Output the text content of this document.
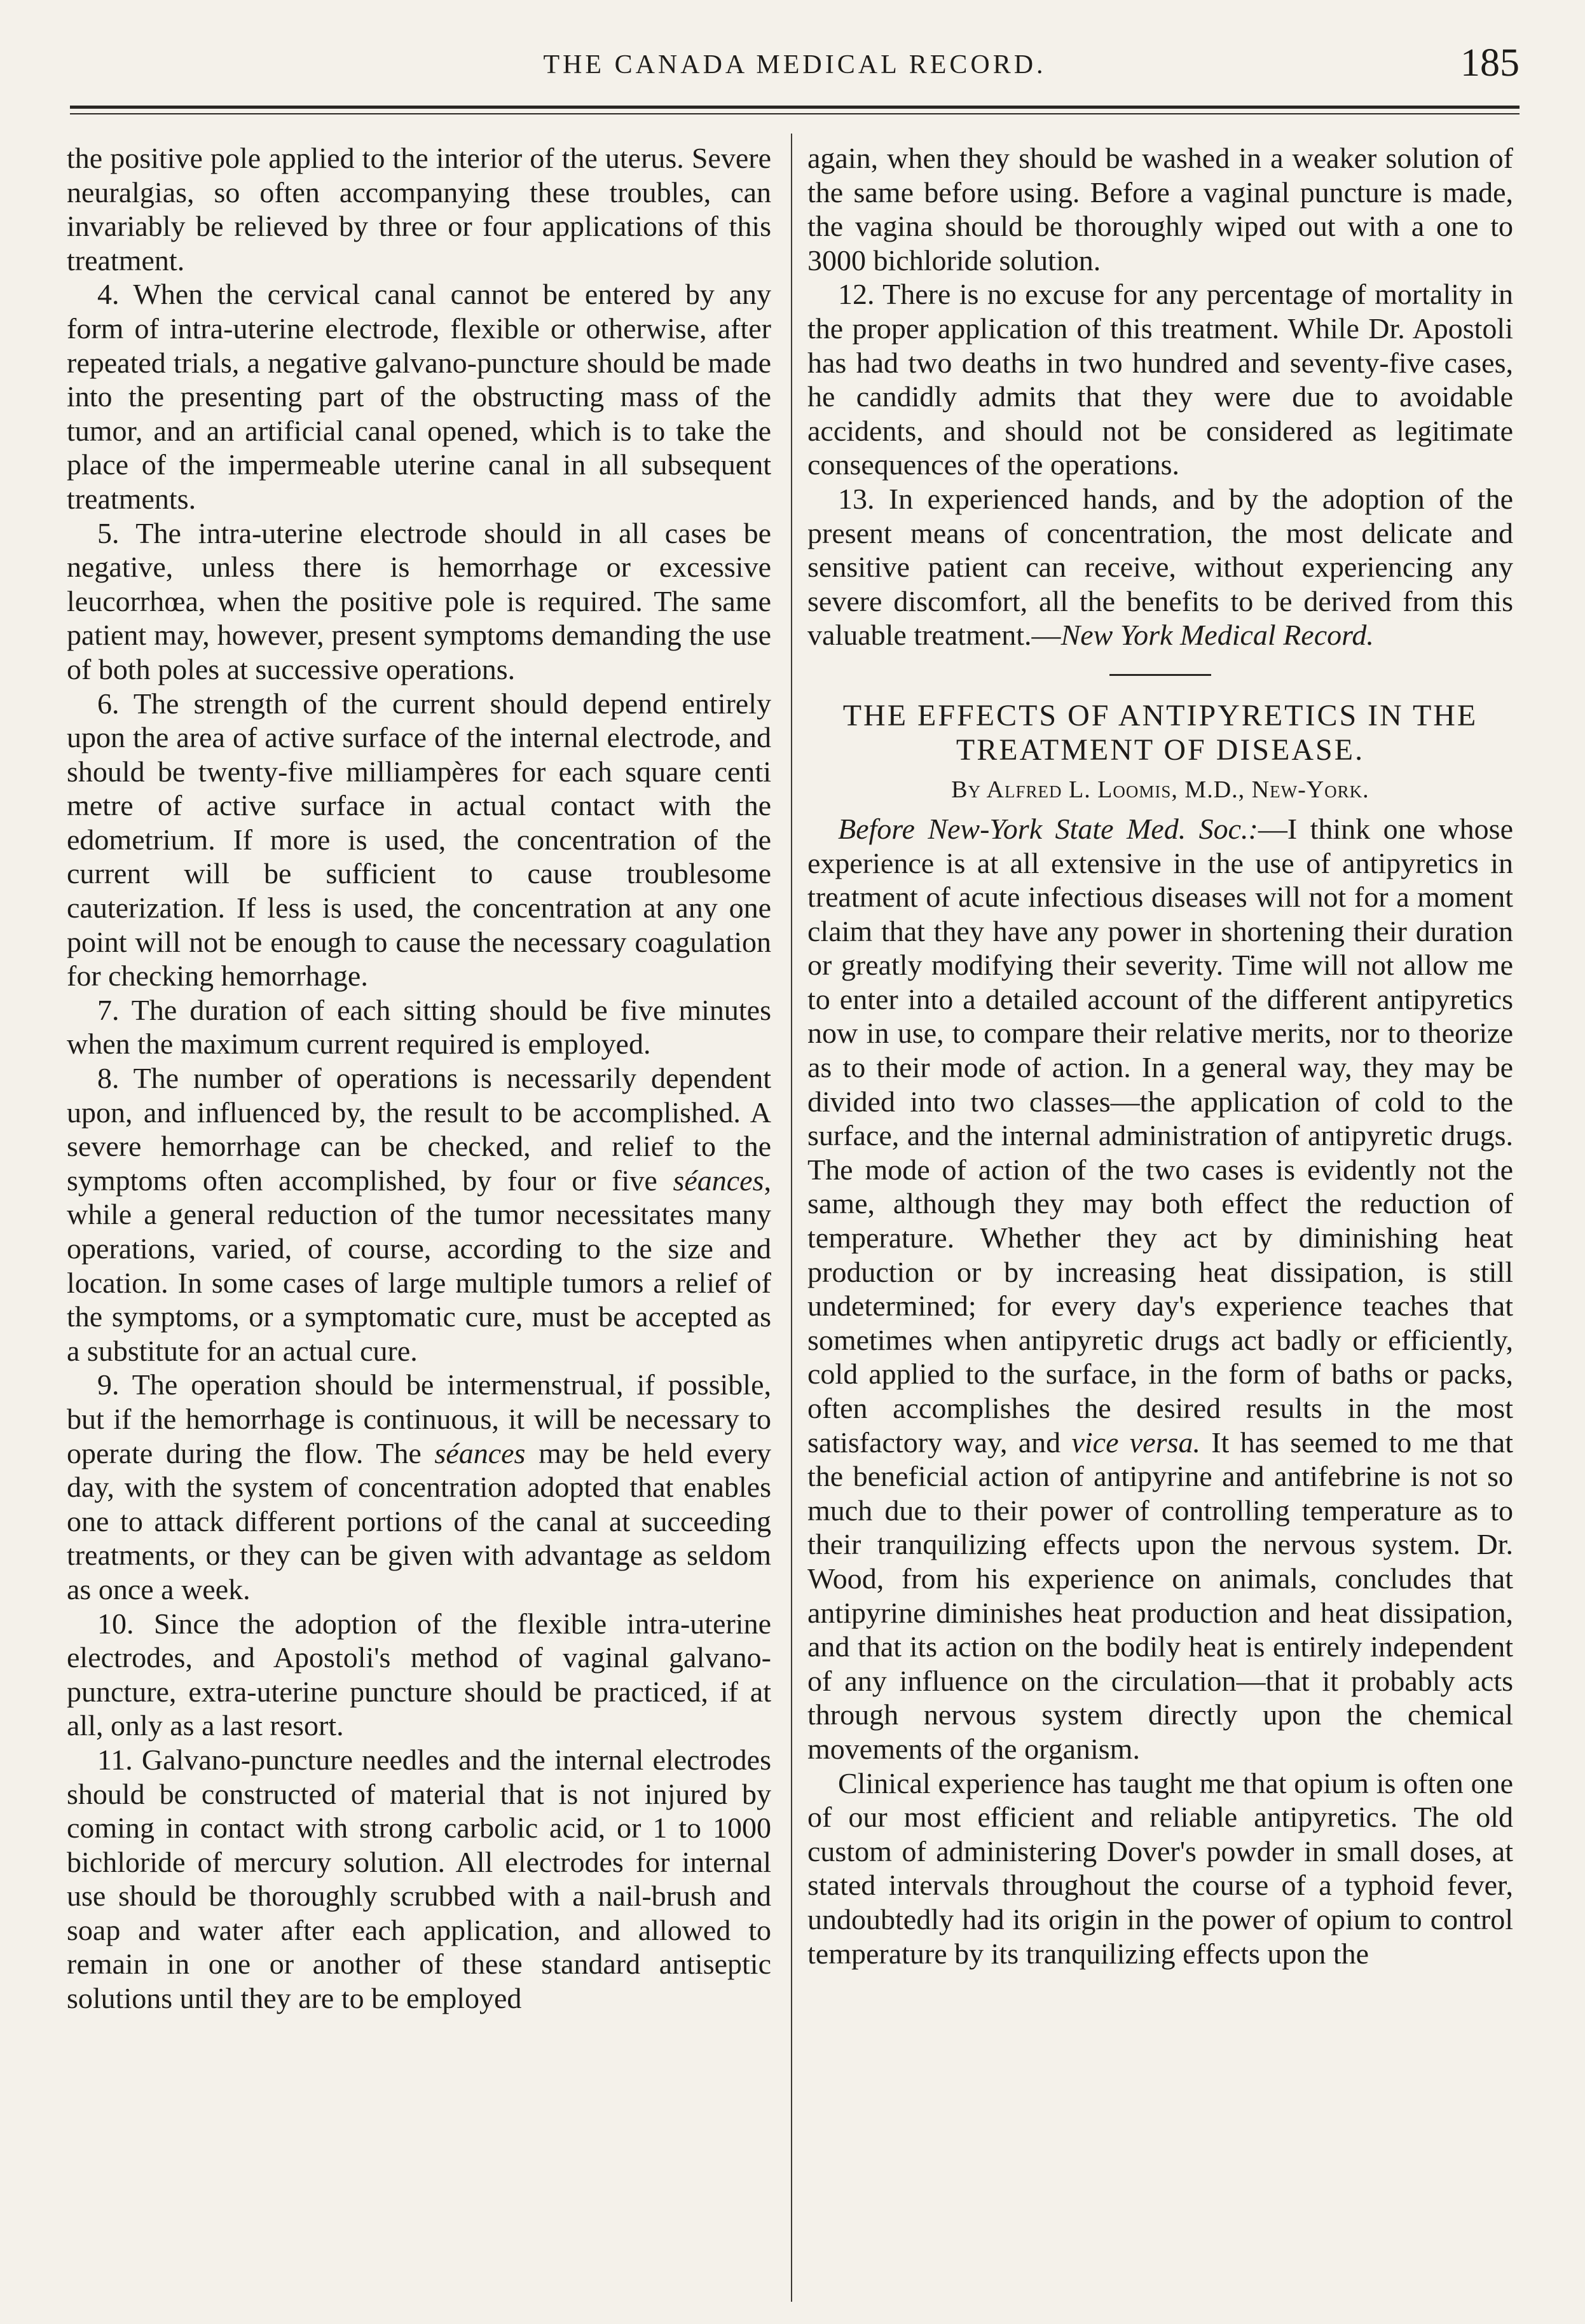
THE CANADA MEDICAL RECORD.	185

the positive pole applied to the interior of the uterus. Severe neuralgias, so often accompanying these troubles, can invariably be relieved by three or four applications of this treatment.

4. When the cervical canal cannot be entered by any form of intra-uterine electrode, flexible or otherwise, after repeated trials, a negative galvano-puncture should be made into the presenting part of the obstructing mass of the tumor, and an artificial canal opened, which is to take the place of the impermeable uterine canal in all subsequent treatments.

5. The intra-uterine electrode should in all cases be negative, unless there is hemorrhage or excessive leucorrhœa, when the positive pole is required. The same patient may, however, present symptoms demanding the use of both poles at successive operations.

6. The strength of the current should depend entirely upon the area of active surface of the internal electrode, and should be twenty-five milliampères for each square centi metre of active surface in actual contact with the edometrium. If more is used, the concentration of the current will be sufficient to cause troublesome cauterization. If less is used, the concentration at any one point will not be enough to cause the necessary coagulation for checking hemorrhage.

7. The duration of each sitting should be five minutes when the maximum current required is employed.

8. The number of operations is necessarily dependent upon, and influenced by, the result to be accomplished. A severe hemorrhage can be checked, and relief to the symptoms often accomplished, by four or five séances, while a general reduction of the tumor necessitates many operations, varied, of course, according to the size and location. In some cases of large multiple tumors a relief of the symptoms, or a symptomatic cure, must be accepted as a substitute for an actual cure.

9. The operation should be intermenstrual, if possible, but if the hemorrhage is continuous, it will be necessary to operate during the flow. The séances may be held every day, with the system of concentration adopted that enables one to attack different portions of the canal at succeeding treatments, or they can be given with advantage as seldom as once a week.

10. Since the adoption of the flexible intra-uterine electrodes, and Apostoli's method of vaginal galvano-puncture, extra-uterine puncture should be practiced, if at all, only as a last resort.

11. Galvano-puncture needles and the internal electrodes should be constructed of material that is not injured by coming in contact with strong carbolic acid, or 1 to 1000 bichloride of mercury solution. All electrodes for internal use should be thoroughly scrubbed with a nail-brush and soap and water after each application, and allowed to remain in one or another of these standard antiseptic solutions until they are to be employed

again, when they should be washed in a weaker solution of the same before using. Before a vaginal puncture is made, the vagina should be thoroughly wiped out with a one to 3000 bichloride solution.

12. There is no excuse for any percentage of mortality in the proper application of this treatment. While Dr. Apostoli has had two deaths in two hundred and seventy-five cases, he candidly admits that they were due to avoidable accidents, and should not be considered as legitimate consequences of the operations.

13. In experienced hands, and by the adoption of the present means of concentration, the most delicate and sensitive patient can receive, without experiencing any severe discomfort, all the benefits to be derived from this valuable treatment.—New York Medical Record.

THE EFFECTS OF ANTIPYRETICS IN THE TREATMENT OF DISEASE.
By Alfred L. Loomis, M.D., New-York.

Before New-York State Med. Soc.:—I think one whose experience is at all extensive in the use of antipyretics in treatment of acute infectious diseases will not for a moment claim that they have any power in shortening their duration or greatly modifying their severity. Time will not allow me to enter into a detailed account of the different antipyretics now in use, to compare their relative merits, nor to theorize as to their mode of action. In a general way, they may be divided into two classes—the application of cold to the surface, and the internal administration of antipyretic drugs. The mode of action of the two cases is evidently not the same, although they may both effect the reduction of temperature. Whether they act by diminishing heat production or by increasing heat dissipation, is still undetermined; for every day's experience teaches that sometimes when antipyretic drugs act badly or efficiently, cold applied to the surface, in the form of baths or packs, often accomplishes the desired results in the most satisfactory way, and vice versa. It has seemed to me that the beneficial action of antipyrine and antifebrine is not so much due to their power of controlling temperature as to their tranquilizing effects upon the nervous system. Dr. Wood, from his experience on animals, concludes that antipyrine diminishes heat production and heat dissipation, and that its action on the bodily heat is entirely independent of any influence on the circulation—that it probably acts through nervous system directly upon the chemical movements of the organism.

Clinical experience has taught me that opium is often one of our most efficient and reliable antipyretics. The old custom of administering Dover's powder in small doses, at stated intervals throughout the course of a typhoid fever, undoubtedly had its origin in the power of opium to control temperature by its tranquilizing effects upon the
